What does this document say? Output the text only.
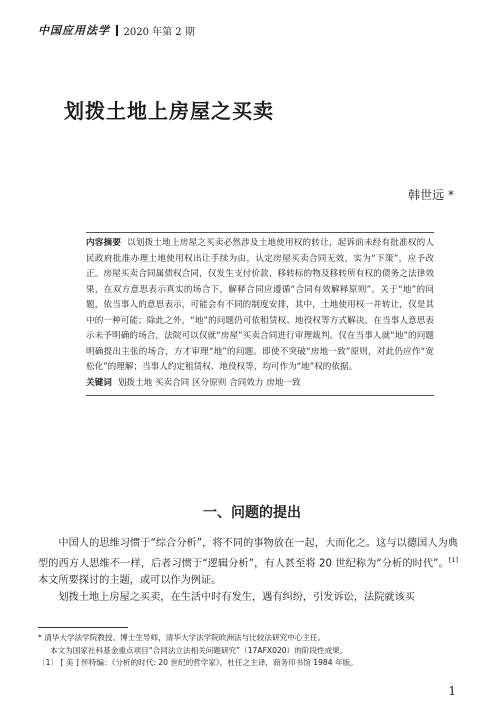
中国应用法学 2020 年第 2 期
划拨土地上房屋之买卖
韩世远 *
内容摘要 以划拨土地上房屋之买卖必然涉及土地使用权的转让，起诉前未经有批准权的人民政府批准办理土地使用权出让手续为由，认定房屋买卖合同无效，实为“下策”，应予改正。房屋买卖合同属债权合同，仅发生支付价款、移转标的物及移转所有权的债务之法律效果，在双方意思表示真实的场合下，解释合同应遵循“合同有效解释原则”。关于“地”的问题，依当事人的意思表示，可能会有不同的制度安排，其中，土地使用权一并转让，仅是其中的一种可能；除此之外，“地”的问题仍可依租赁权、地役权等方式解决。在当事人意思表示未予明确的场合，法院可以仅就“房屋”买卖合同进行审理裁判。仅在当事人就“地”的问题明确提出主张的场合，方才审理“地”的问题。即使不突破“房地一致”原则，对此仍应作“宽松化”的理解；当事人约定租赁权、地役权等，均可作为“地”权的依据。
关键词 划拨土地 买卖合同 区分原则 合同效力 房地一致
一、问题的提出

中国人的思维习惯于“综合分析”，将不同的事物放在一起，大而化之。这与以德国人为典型的西方人思维不一样，后者习惯于“逻辑分析”，有人甚至将 20 世纪称为“分析的时代”。[1]本文所要探讨的主题，或可以作为例证。

划拨土地上房屋之买卖，在生活中时有发生，遇有纠纷，引发诉讼，法院就该买

* 清华大学法学院教授、博士生导师，清华大学法学院欧洲法与比较法研究中心主任。
本文为国家社科基金重点项目“合同法立法相关问题研究”（17AFX020）的阶段性成果。
〔1〕 [ 美 ] 怀特编：《分析的时代: 20 世纪的哲学家》，杜任之主译，商务印书馆 1984 年版。
1
